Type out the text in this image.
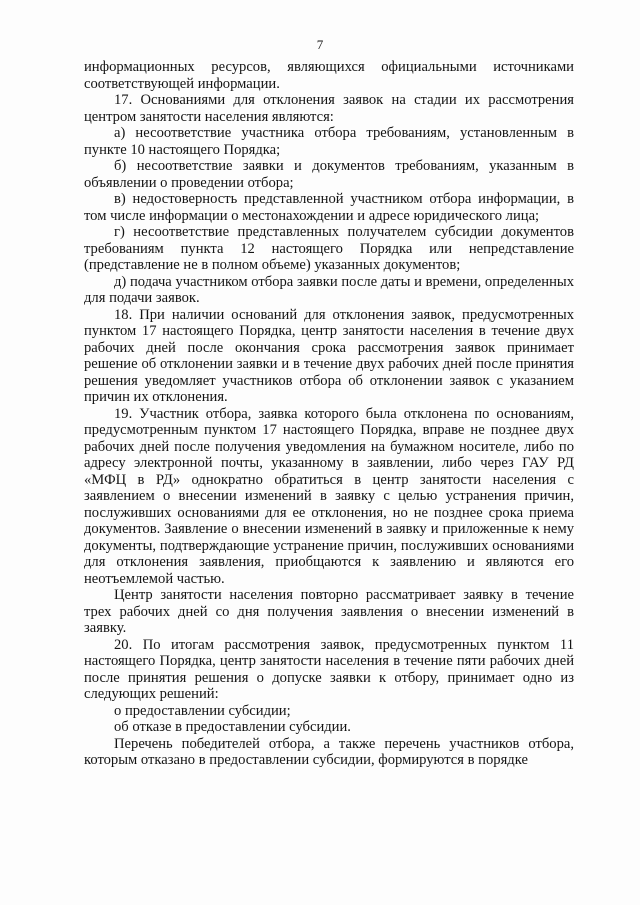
7

информационных ресурсов, являющихся официальными источниками соответствующей информации.

17. Основаниями для отклонения заявок на стадии их рассмотрения центром занятости населения являются:

а) несоответствие участника отбора требованиям, установленным в пункте 10 настоящего Порядка;

б) несоответствие заявки и документов требованиям, указанным в объявлении о проведении отбора;

в) недостоверность представленной участником отбора информации, в том числе информации о местонахождении и адресе юридического лица;

г) несоответствие представленных получателем субсидии документов требованиям пункта 12 настоящего Порядка или непредставление (представление не в полном объеме) указанных документов;

д) подача участником отбора заявки после даты и времени, определенных для подачи заявок.

18. При наличии оснований для отклонения заявок, предусмотренных пунктом 17 настоящего Порядка, центр занятости населения в течение двух рабочих дней после окончания срока рассмотрения заявок принимает решение об отклонении заявки и в течение двух рабочих дней после принятия решения уведомляет участников отбора об отклонении заявок с указанием причин их отклонения.

19. Участник отбора, заявка которого была отклонена по основаниям, предусмотренным пунктом 17 настоящего Порядка, вправе не позднее двух рабочих дней после получения уведомления на бумажном носителе, либо по адресу электронной почты, указанному в заявлении, либо через ГАУ РД «МФЦ в РД» однократно обратиться в центр занятости населения с заявлением о внесении изменений в заявку с целью устранения причин, послуживших основаниями для ее отклонения, но не позднее срока приема документов. Заявление о внесении изменений в заявку и приложенные к нему документы, подтверждающие устранение причин, послуживших основаниями для отклонения заявления, приобщаются к заявлению и являются его неотъемлемой частью.

Центр занятости населения повторно рассматривает заявку в течение трех рабочих дней со дня получения заявления о внесении изменений в заявку.

20. По итогам рассмотрения заявок, предусмотренных пунктом 11 настоящего Порядка, центр занятости населения в течение пяти рабочих дней после принятия решения о допуске заявки к отбору, принимает одно из следующих решений:

о предоставлении субсидии;

об отказе в предоставлении субсидии.

Перечень победителей отбора, а также перечень участников отбора, которым отказано в предоставлении субсидии, формируются в порядке
